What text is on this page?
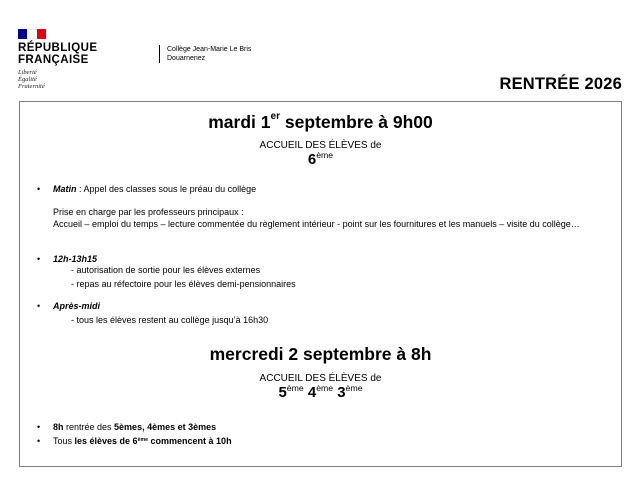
RÉPUBLIQUE
FRANÇAISE
Liberté
Égalité
Fraternité
Collège Jean-Marie Le Bris
Douarnenez
RENTRÉE 2026
mardi 1er septembre à 9h00
ACCUEIL DES ÉLÈVES de
6ème
• Matin : Appel des classes sous le préau du collège
Prise en charge par les professeurs principaux :
Accueil – emploi du temps – lecture commentée du règlement intérieur - point sur les fournitures et les manuels – visite du collège…
• 12h-13h15
- autorisation de sortie pour les élèves externes
- repas au réfectoire pour les élèves demi-pensionnaires
• Après-midi
- tous les élèves restent au collège jusqu’à 16h30
mercredi 2 septembre à 8h
ACCUEIL DES ÉLÈVES de
5ème 4ème 3ème
• 8h rentrée des 5èmes, 4èmes et 3èmes
• Tous les élèves de 6ème commencent à 10h
